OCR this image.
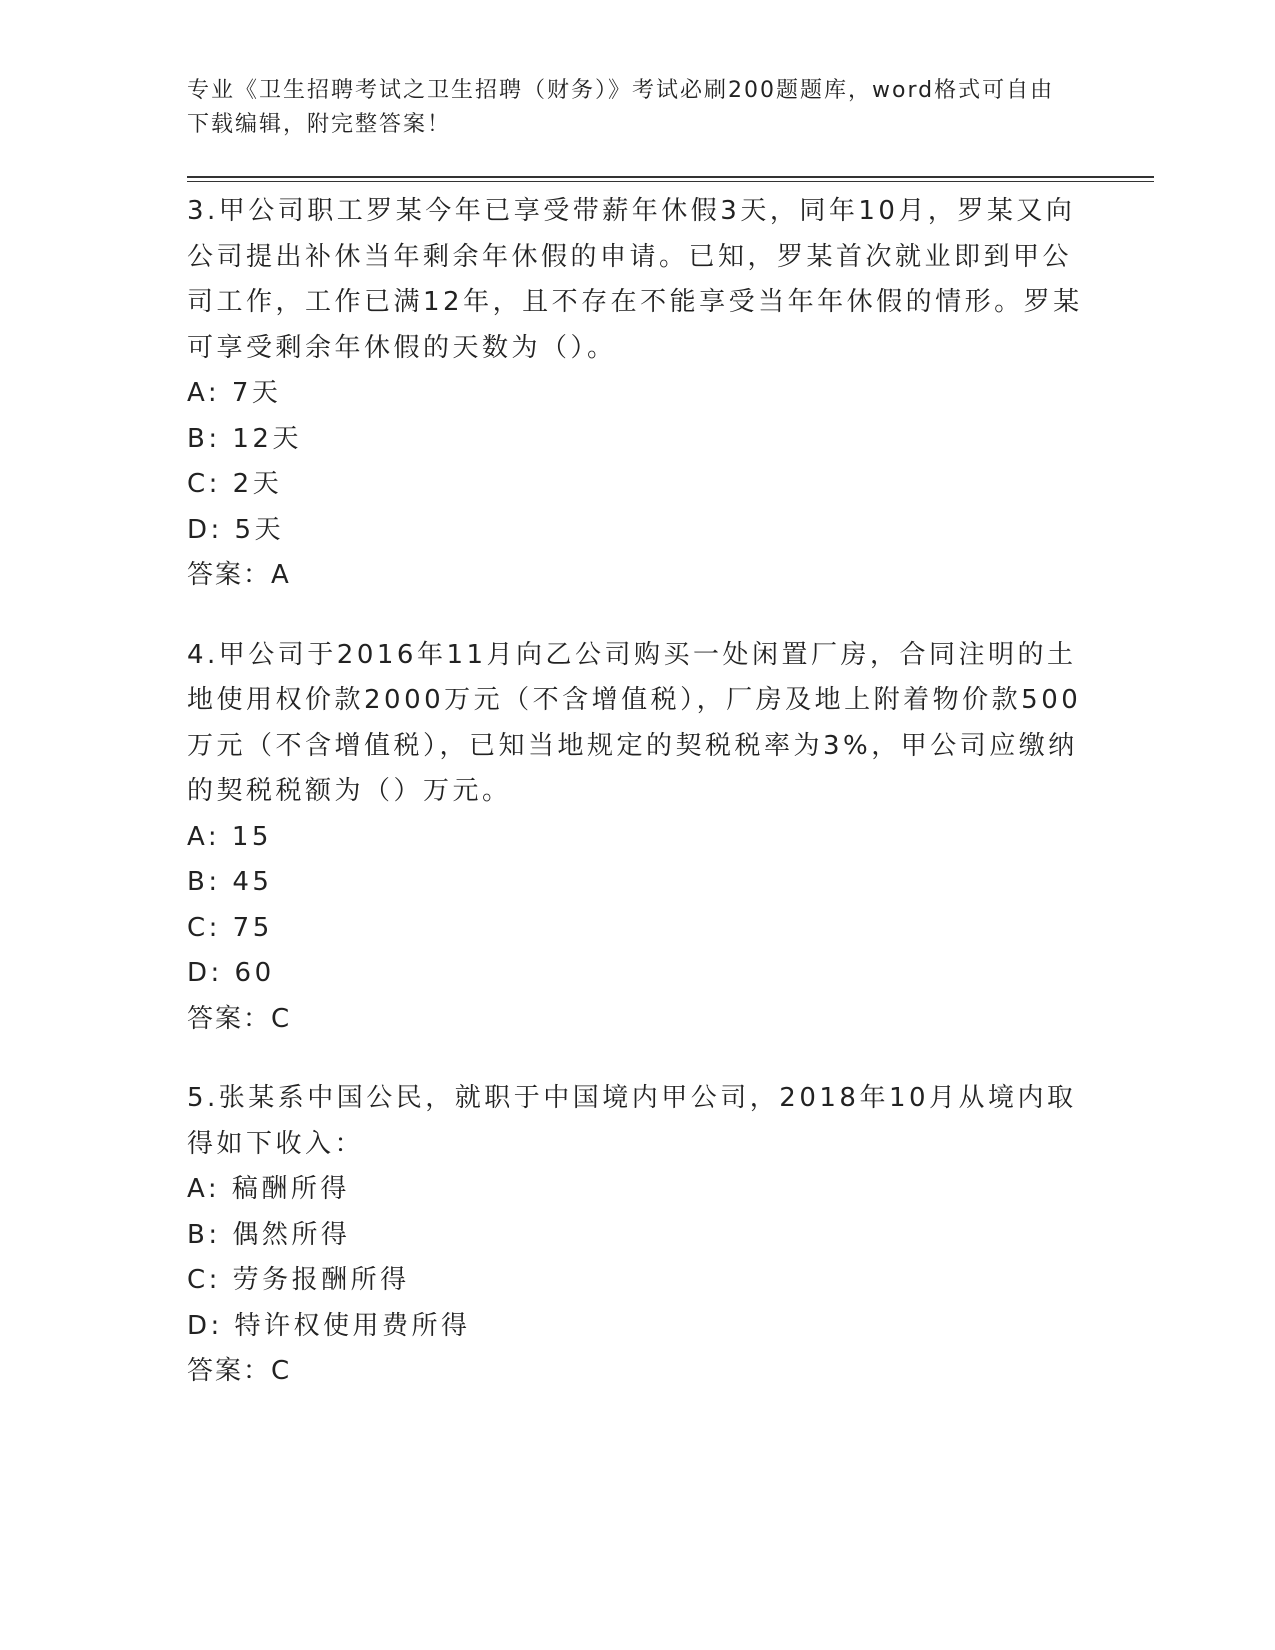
专业《卫生招聘考试之卫生招聘（财务）》考试必刷200题题库，word格式可自由下载编辑，附完整答案！
3.甲公司职工罗某今年已享受带薪年休假3天，同年10月，罗某又向公司提出补休当年剩余年休假的申请。已知，罗某首次就业即到甲公司工作，工作已满12年，且不存在不能享受当年年休假的情形。罗某可享受剩余年休假的天数为（）。
A: 7天
B: 12天
C: 2天
D: 5天
答案：A
4.甲公司于2016年11月向乙公司购买一处闲置厂房，合同注明的土地使用权价款2000万元（不含增值税），厂房及地上附着物价款500万元（不含增值税），已知当地规定的契税税率为3%，甲公司应缴纳的契税税额为（）万元。
A: 15
B: 45
C: 75
D: 60
答案：C
5.张某系中国公民，就职于中国境内甲公司，2018年10月从境内取得如下收入：
A: 稿酬所得
B: 偶然所得
C: 劳务报酬所得
D: 特许权使用费所得
答案：C
